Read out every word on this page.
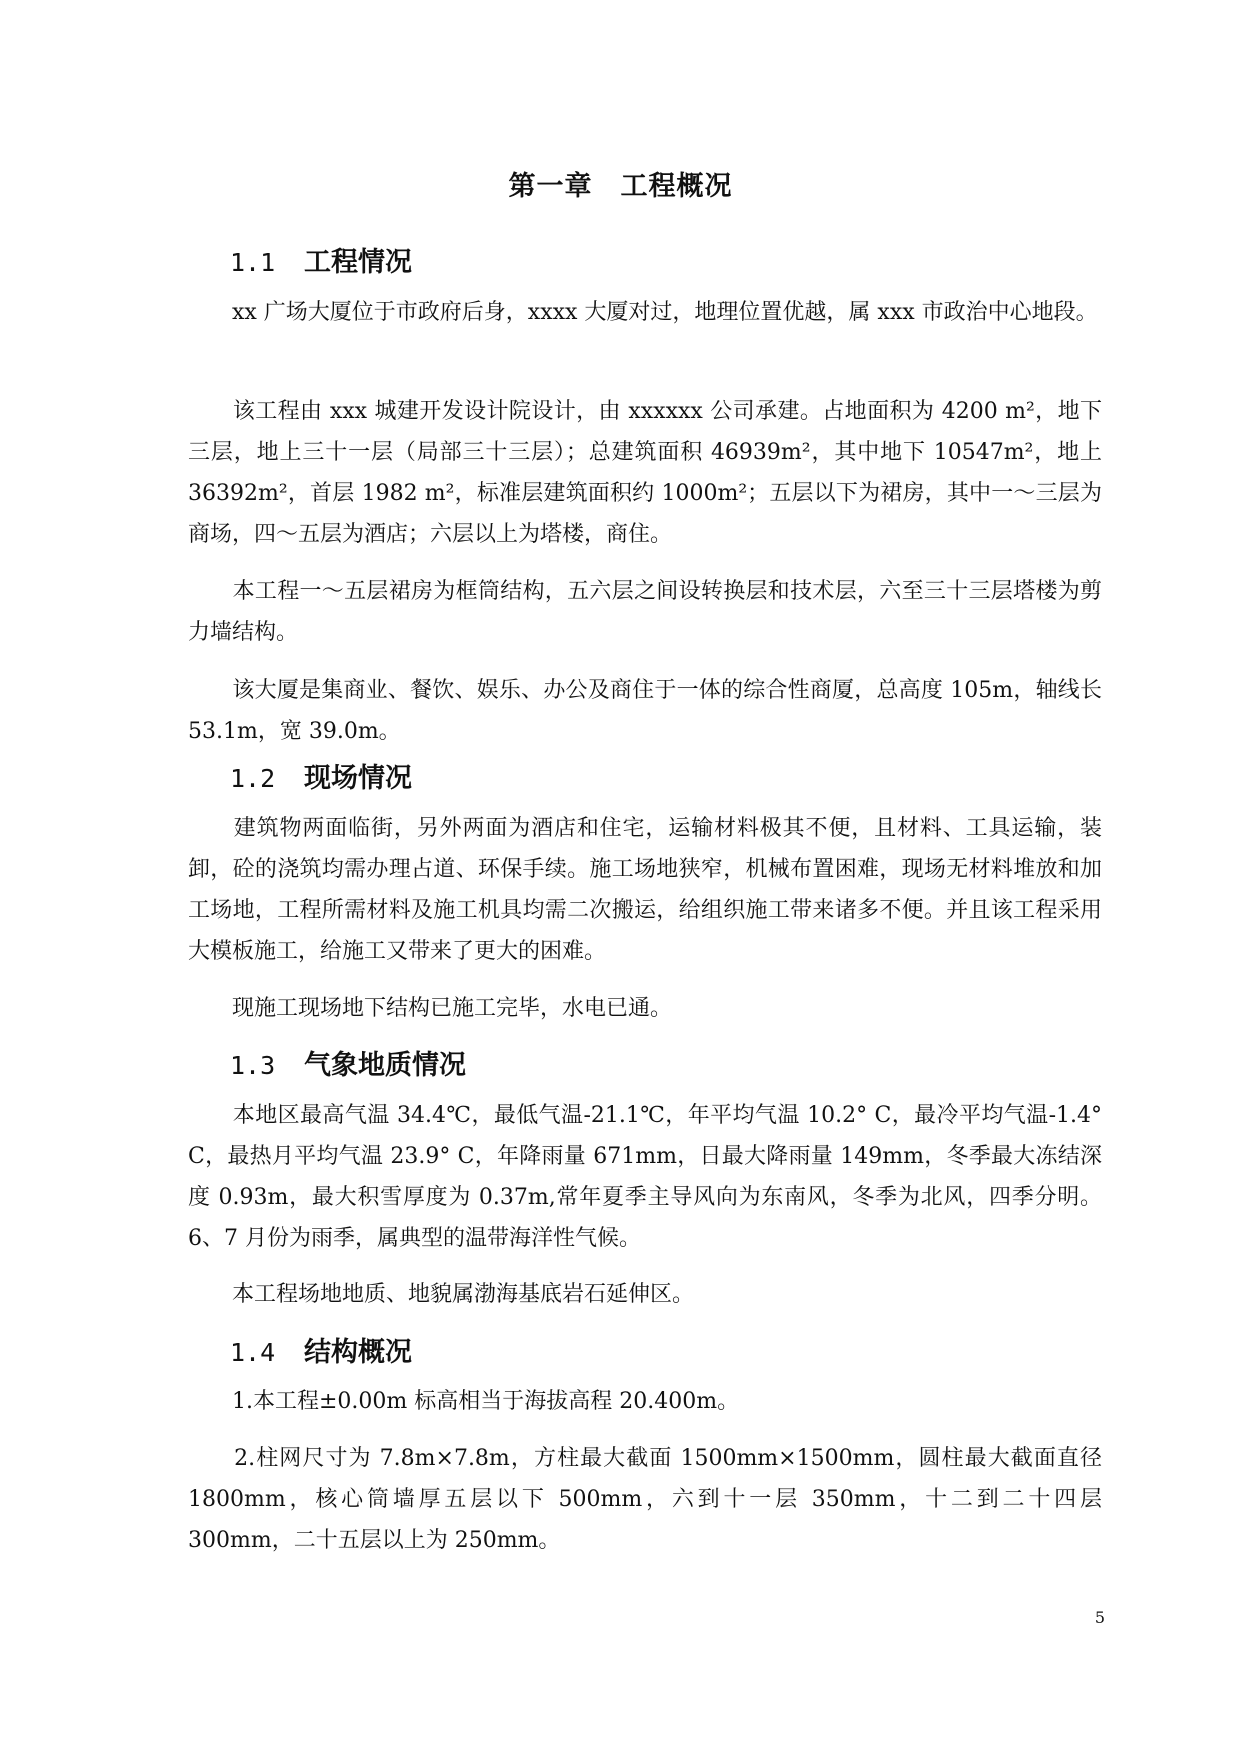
第一章　工程概况
1.1 工程情况

　　xx 广场大厦位于市政府后身，xxxx 大厦对过，地理位置优越，属 xxx 市政治中心地段。

　　该工程由 xxx 城建开发设计院设计，由 xxxxxx 公司承建。占地面积为 4200 m²，地下三层，地上三十一层（局部三十三层）；总建筑面积 46939m²，其中地下 10547m²，地上 36392m²，首层 1982 m²，标准层建筑面积约 1000m²；五层以下为裙房，其中一～三层为商场，四～五层为酒店；六层以上为塔楼，商住。

　　本工程一～五层裙房为框筒结构，五六层之间设转换层和技术层，六至三十三层塔楼为剪力墙结构。

　　该大厦是集商业、餐饮、娱乐、办公及商住于一体的综合性商厦，总高度 105m，轴线长 53.1m，宽 39.0m。

1.2 现场情况

　　建筑物两面临街，另外两面为酒店和住宅，运输材料极其不便，且材料、工具运输，装卸，砼的浇筑均需办理占道、环保手续。施工场地狭窄，机械布置困难，现场无材料堆放和加工场地，工程所需材料及施工机具均需二次搬运，给组织施工带来诸多不便。并且该工程采用大模板施工，给施工又带来了更大的困难。

　　现施工现场地下结构已施工完毕，水电已通。

1.3 气象地质情况

　　本地区最高气温 34.4℃，最低气温-21.1℃，年平均气温 10.2° C，最冷平均气温-1.4° C，最热月平均气温 23.9° C，年降雨量 671mm，日最大降雨量 149mm，冬季最大冻结深度 0.93m，最大积雪厚度为 0.37m,常年夏季主导风向为东南风，冬季为北风，四季分明。6、7 月份为雨季，属典型的温带海洋性气候。

　　本工程场地地质、地貌属渤海基底岩石延伸区。

1.4 结构概况

　　1.本工程±0.00m 标高相当于海拔高程 20.400m。

　　2.柱网尺寸为 7.8m×7.8m，方柱最大截面 1500mm×1500mm，圆柱最大截面直径 1800mm，核心筒墙厚五层以下 500mm，六到十一层 350mm，十二到二十四层 300mm，二十五层以上为 250mm。

5
